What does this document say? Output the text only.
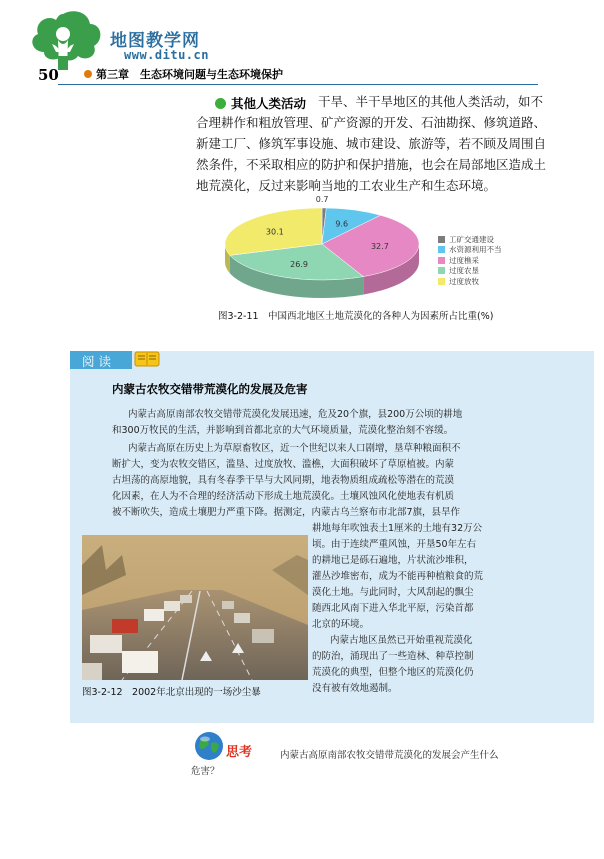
地图教学网
www.ditu.cn
50	第三章　生态环境问题与生态环境保护
其他人类活动 干旱、半干旱地区的其他人类活动，如不
合理耕作和粗放管理、矿产资源的开发、石油勘探、修筑道路、
新建工厂、修筑军事设施、城市建设、旅游等，若不顾及周围自
然条件，不采取相应的防护和保护措施，也会在局部地区造成土
地荒漠化，反过来影响当地的工农业生产和生态环境。
0.7
9.6
32.7
26.9
30.1
工矿交通建设
水资源利用不当
过度樵采
过度农垦
过度放牧
图3-2-11　中国西北地区土地荒漠化的各种人为因素所占比重(%)
阅读
内蒙古农牧交错带荒漠化的发展及危害
内蒙古高原南部农牧交错带荒漠化发展迅速，危及20个旗，县200万公顷的耕地
和300万牧民的生活，并影响到首都北京的大气环境质量，荒漠化整治刻不容缓。
内蒙古高原在历史上为草原畜牧区，近一个世纪以来人口剧增，垦草种粮面积不
断扩大，变为农牧交错区，滥垦、过度放牧、滥樵，大面积破坏了草原植被。内蒙
古坦荡的高原地貌，具有冬春季干旱与大风同期，地表物质组成疏松等潜在的荒漠
化因素，在人为不合理的经济活动下形成土地荒漠化。土壤风蚀风化使地表有机质
被不断吹失，造成土壤肥力严重下降。据测定，内蒙古乌兰察布市北部7旗，县旱作
耕地每年吹蚀表土1厘米的土地有32万公
顷。由于连续严重风蚀，开垦50年左右
的耕地已是砾石遍地，片状流沙堆积，
灌丛沙堆密布，成为不能再种植粮食的荒
漠化土地。与此同时，大风刮起的飘尘
随西北风南下进入华北平原，污染首都
北京的环境。
内蒙古地区虽然已开始重视荒漠化
的防治，涌现出了一些造林、种草控制
荒漠化的典型，但整个地区的荒漠化仍
没有被有效地遏制。
图3-2-12　2002年北京出现的一场沙尘暴
思考	内蒙古高原南部农牧交错带荒漠化的发展会产生什么
危害？
